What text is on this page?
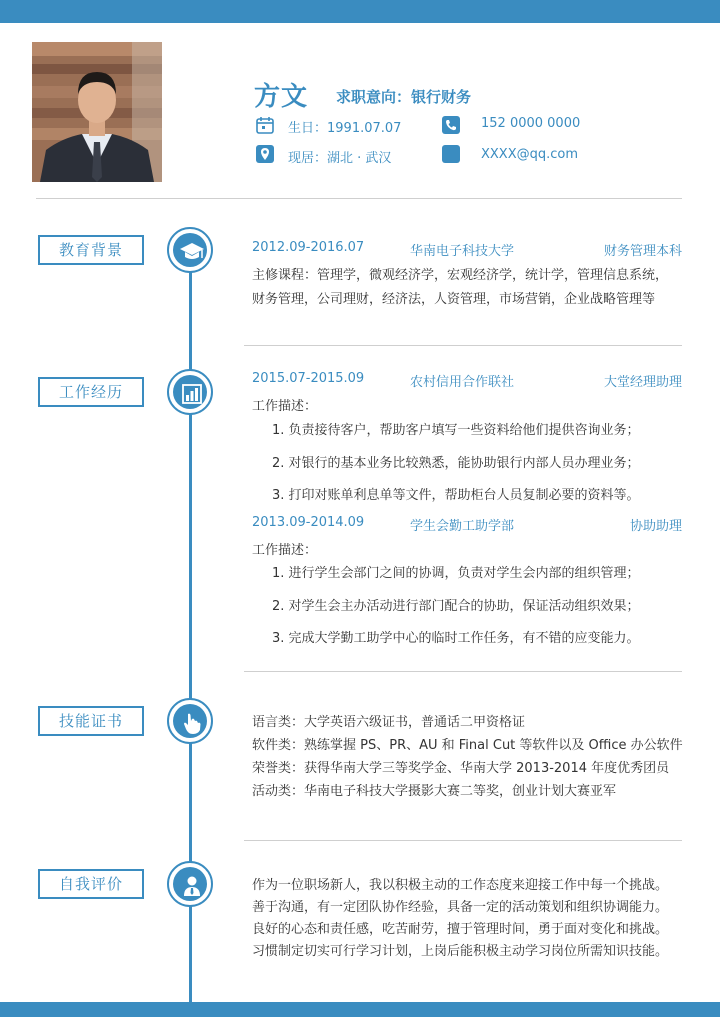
方文 求职意向：银行财务
生日：1991.07.07	152 0000 0000
现居：湖北 · 武汉	XXXX@qq.com
教育背景	2012.09-2016.07	华南电子科技大学	财务管理本科
主修课程：管理学，微观经济学，宏观经济学，统计学，管理信息系统，
财务管理，公司理财，经济法，人资管理，市场营销，企业战略管理等
工作经历
2015.07-2015.09	农村信用合作联社	大堂经理助理
工作描述：
1. 负责接待客户，帮助客户填写一些资料给他们提供咨询业务；
2. 对银行的基本业务比较熟悉，能协助银行内部人员办理业务；
3. 打印对账单利息单等文件，帮助柜台人员复制必要的资料等。
2013.09-2014.09	学生会勤工助学部	协助助理
工作描述：
1. 进行学生会部门之间的协调，负责对学生会内部的组织管理；
2. 对学生会主办活动进行部门配合的协助，保证活动组织效果；
3. 完成大学勤工助学中心的临时工作任务，有不错的应变能力。
技能证书	语言类：大学英语六级证书，普通话二甲资格证
软件类：熟练掌握 PS、PR、AU 和 Final Cut 等软件以及 Office 办公软件
荣誉类：获得华南大学三等奖学金、华南大学 2013-2014 年度优秀团员
活动类：华南电子科技大学摄影大赛二等奖，创业计划大赛亚军
自我评价	作为一位职场新人，我以积极主动的工作态度来迎接工作中每一个挑战。
善于沟通，有一定团队协作经验，具备一定的活动策划和组织协调能力。
良好的心态和责任感，吃苦耐劳，擅于管理时间，勇于面对变化和挑战。
习惯制定切实可行学习计划，上岗后能积极主动学习岗位所需知识技能。
